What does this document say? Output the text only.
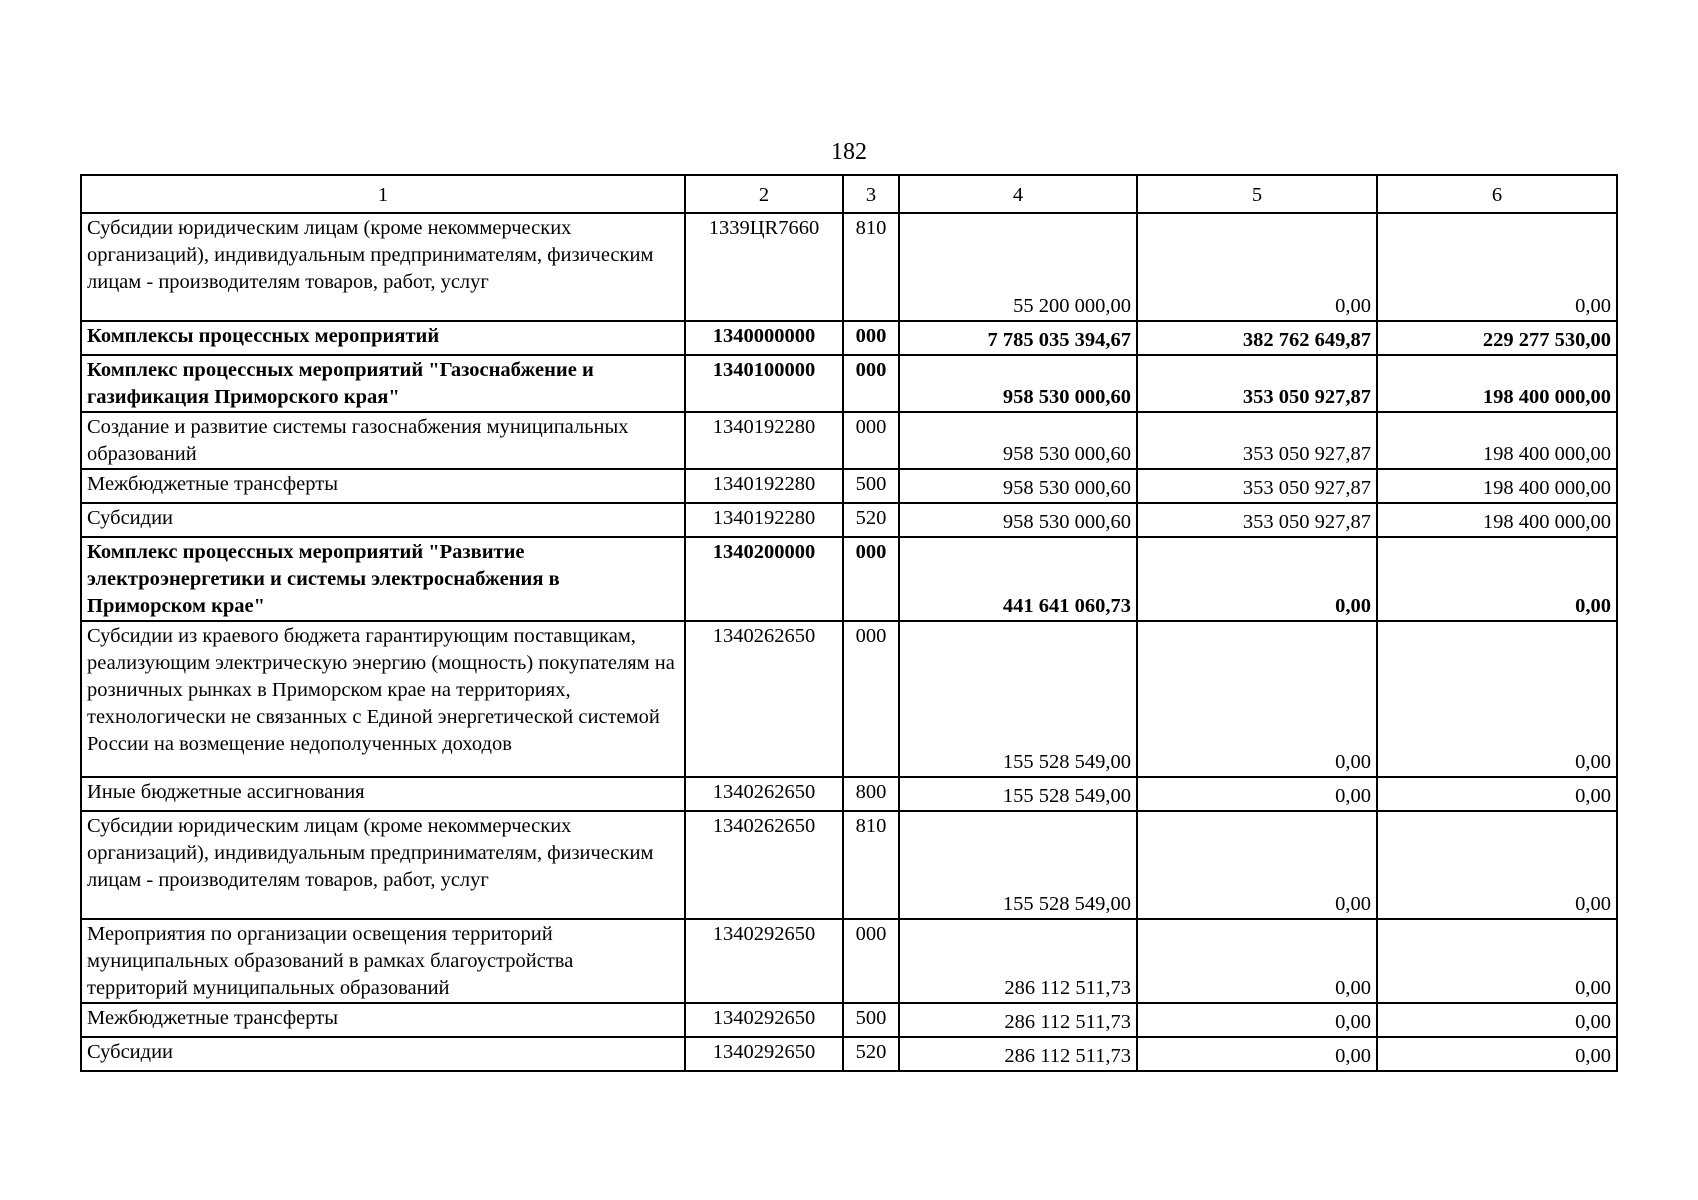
182
1	2	3	4	5	6
Субсидии юридическим лицам (кроме некоммерческих организаций), индивидуальным предпринимателям, физическим лицам - производителям товаров, работ, услуг	1339ЦR7660	810	55 200 000,00	0,00	0,00
Комплексы процессных мероприятий	1340000000	000	7 785 035 394,67	382 762 649,87	229 277 530,00
Комплекс процессных мероприятий "Газоснабжение и газификация Приморского края"	1340100000	000	958 530 000,60	353 050 927,87	198 400 000,00
Создание и развитие системы газоснабжения муниципальных образований	1340192280	000	958 530 000,60	353 050 927,87	198 400 000,00
Межбюджетные трансферты	1340192280	500	958 530 000,60	353 050 927,87	198 400 000,00
Субсидии	1340192280	520	958 530 000,60	353 050 927,87	198 400 000,00
Комплекс процессных мероприятий "Развитие электроэнергетики и системы электроснабжения в Приморском крае"	1340200000	000	441 641 060,73	0,00	0,00
Субсидии из краевого бюджета гарантирующим поставщикам, реализующим электрическую энергию (мощность) покупателям на розничных рынках в Приморском крае на территориях, технологически не связанных с Единой энергетической системой России на возмещение недополученных доходов	1340262650	000	155 528 549,00	0,00	0,00
Иные бюджетные ассигнования	1340262650	800	155 528 549,00	0,00	0,00
Субсидии юридическим лицам (кроме некоммерческих организаций), индивидуальным предпринимателям, физическим лицам - производителям товаров, работ, услуг	1340262650	810	155 528 549,00	0,00	0,00
Мероприятия по организации освещения территорий муниципальных образований в рамках благоустройства территорий муниципальных образований	1340292650	000	286 112 511,73	0,00	0,00
Межбюджетные трансферты	1340292650	500	286 112 511,73	0,00	0,00
Субсидии	1340292650	520	286 112 511,73	0,00	0,00
